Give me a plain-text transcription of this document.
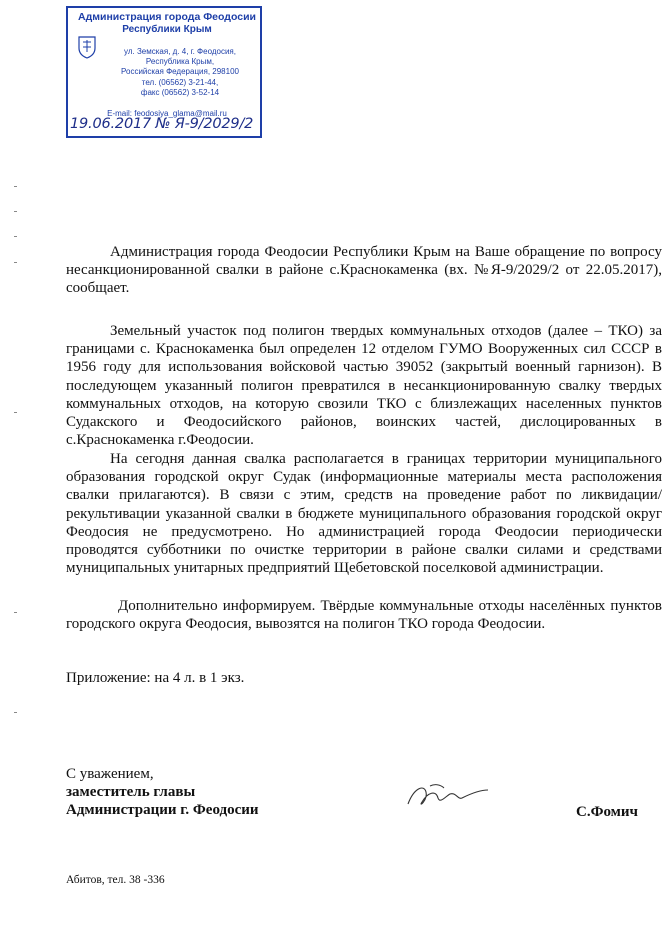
Администрация города Феодосии
Республики Крым
ул. Земская, д. 4, г. Феодосия,
Республика Крым,
Российская Федерация, 298100
тел. (06562) 3-21-44,
факс (06562) 3-52-14
E-mail: feodosiya_glama@mail.ru
19.06.2017 № Я-9/2029/2
Администрация города Феодосии Республики Крым на Ваше обращение по вопросу несанкционированной свалки в районе с.Краснокаменка (вх. №Я-9/2029/2 от 22.05.2017), сообщает.
Земельный участок под полигон твердых коммунальных отходов (далее – ТКО) за границами с. Краснокаменка был определен 12 отделом ГУМО Вооруженных сил СССР в 1956 году для использования войсковой частью 39052 (закрытый военный гарнизон). В последующем указанный полигон превратился в несанкционированную свалку твердых коммунальных отходов, на которую свозили ТКО с близлежащих населенных пунктов Судакского и Феодосийского районов, воинских частей, дислоцированных в с.Краснокаменка г.Феодосии.
На сегодня данная свалка располагается в границах территории муниципального образования городской округ Судак (информационные материалы места расположения свалки прилагаются). В связи с этим, средств на проведение работ по ликвидации/рекультивации указанной свалки в бюджете муниципального образования городской округ Феодосия не предусмотрено. Но администрацией города Феодосии периодически проводятся субботники по очистке территории в районе свалки силами и средствами муниципальных унитарных предприятий Щебетовской поселковой администрации.
Дополнительно информируем. Твёрдые коммунальные отходы населённых пунктов городского округа Феодосия, вывозятся на полигон ТКО города Феодосии.
Приложение: на 4 л. в 1 экз.
С уважением,
заместитель главы
Администрации г. Феодосии	С.Фомич
Абитов, тел. 38 -336
